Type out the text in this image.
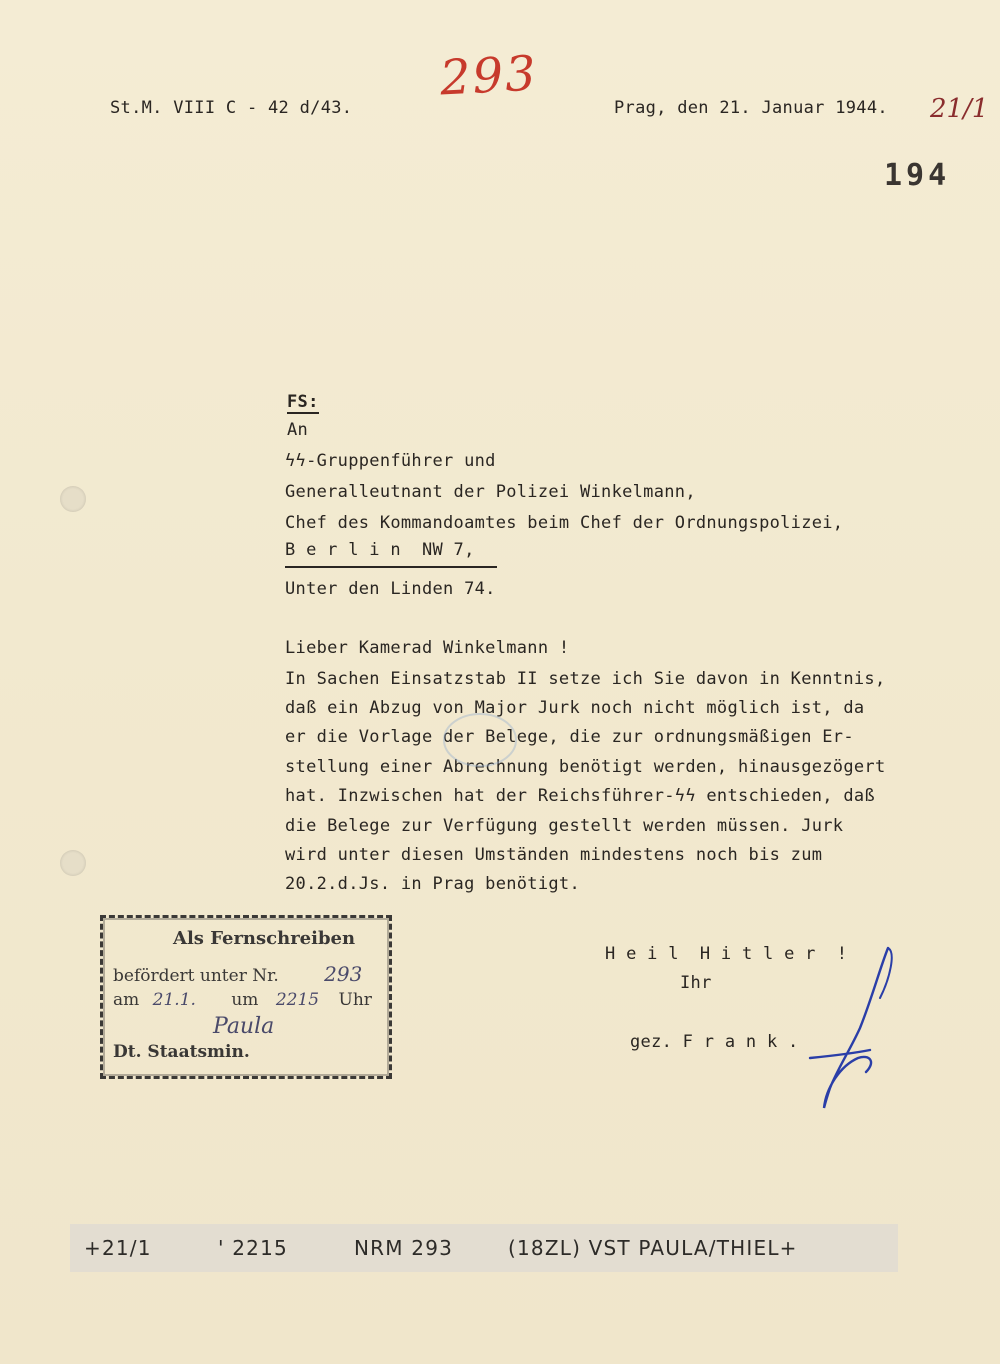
St.M. VIII C - 42 d/43.	Prag, den 21. Januar 1944. 21/1
293
194
FS:
An
ϟϟ-Gruppenführer und
Generalleutnant der Polizei Winkelmann,
Chef des Kommandoamtes beim Chef der Ordnungspolizei,
B e r l i n  NW 7,
Unter den Linden 74.
Lieber Kamerad Winkelmann !
In Sachen Einsatzstab II setze ich Sie davon in Kenntnis,
daß ein Abzug von Major Jurk noch nicht möglich ist, da
er die Vorlage der Belege, die zur ordnungsmäßigen Er-
stellung einer Abrechnung benötigt werden, hinausgezögert
hat. Inzwischen hat der Reichsführer-ϟϟ entschieden, daß
die Belege zur Verfügung gestellt werden müssen. Jurk
wird unter diesen Umständen mindestens noch bis zum
20.2.d.Js. in Prag benötigt.
H e i l  H i t l e r  !
Ihr
gez. F r a n k .
Als Fernschreiben
befördert unter Nr. 293
am 21.1. um 2215 Uhr
Paula
Dt. Staatsmin.
+21/1	' 2215	NRM 293	(18ZL) VST PAULA/THIEL+
